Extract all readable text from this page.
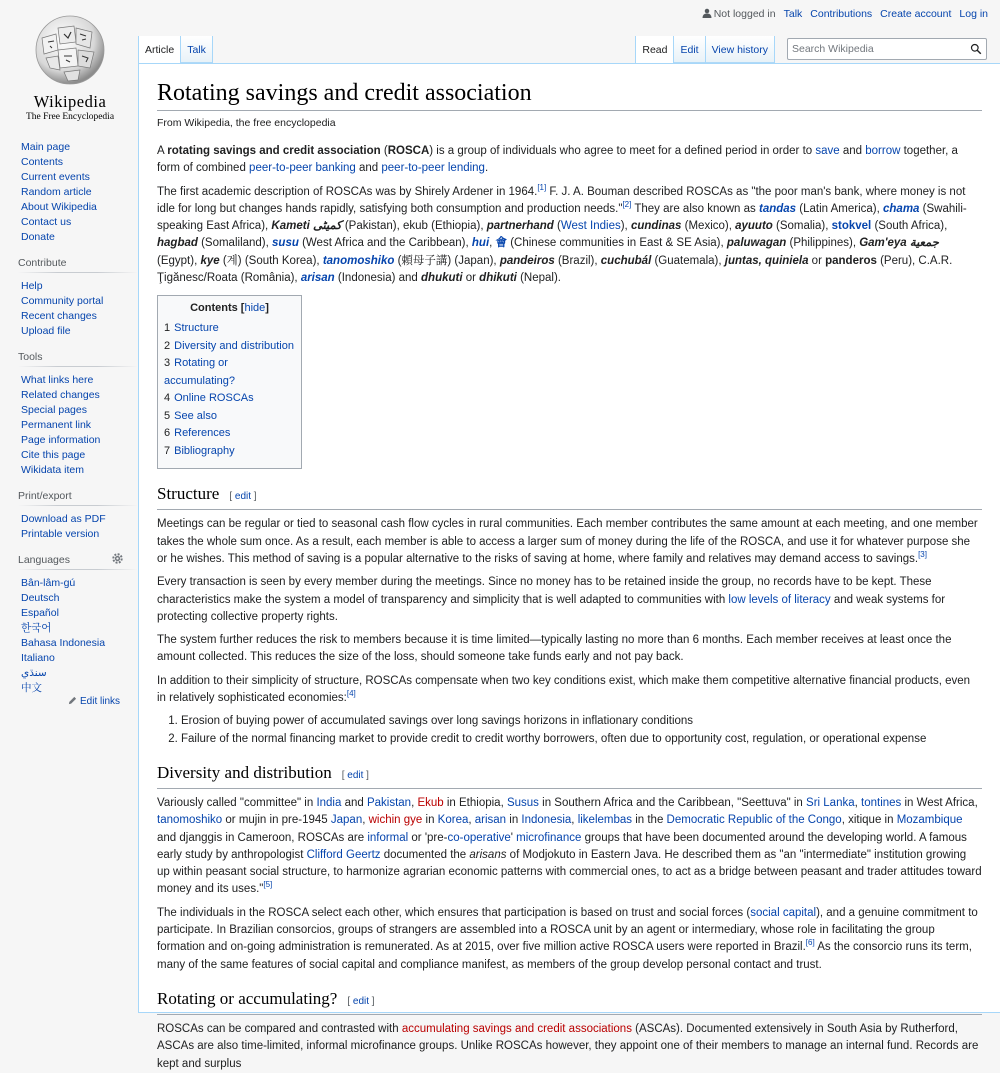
Not logged in Talk Contributions Create account Log in
Wikipedia
The Free Encyclopedia
Main page
Contents
Current events
Random article
About Wikipedia
Contact us
Donate
Contribute
Help
Community portal
Recent changes
Upload file
Tools
What links here
Related changes
Special pages
Permanent link
Page information
Cite this page
Wikidata item
Print/export
Download as PDF
Printable version
Languages
Bân-lâm-gú
Deutsch
Español
한국어
Bahasa Indonesia
Italiano
سنڌي
中文
Edit links
Article	Talk	Read	Edit	View history	Search Wikipedia
Rotating savings and credit association
From Wikipedia, the free encyclopedia

A rotating savings and credit association (ROSCA) is a group of individuals who agree to meet for a defined period in order to save and borrow together, a form of combined peer-to-peer banking and peer-to-peer lending.

The first academic description of ROSCAs was by Shirely Ardener in 1964.[1] F. J. A. Bouman described ROSCAs as "the poor man's bank, where money is not idle for long but changes hands rapidly, satisfying both consumption and production needs."[2] They are also known as tandas (Latin America), chama (Swahili-speaking East Africa), Kameti کمیٹی (Pakistan), ekub (Ethiopia), partnerhand (West Indies), cundinas (Mexico), ayuuto (Somalia), stokvel (South Africa), hagbad (Somaliland), susu (West Africa and the Caribbean), hui, 會 (Chinese communities in East & SE Asia), paluwagan (Philippines), Gam'eya جمعية (Egypt), kye (계) (South Korea), tanomoshiko (頼母子講) (Japan), pandeiros (Brazil), cuchubál (Guatemala), juntas, quiniela or panderos (Peru), C.A.R. Ţigănesc/Roata (România), arisan (Indonesia) and dhukuti or dhikuti (Nepal).

Contents [hide]
1 Structure
2 Diversity and distribution
3 Rotating or accumulating?
4 Online ROSCAs
5 See also
6 References
7 Bibliography
Structure [ edit ]

Meetings can be regular or tied to seasonal cash flow cycles in rural communities. Each member contributes the same amount at each meeting, and one member takes the whole sum once. As a result, each member is able to access a larger sum of money during the life of the ROSCA, and use it for whatever purpose she or he wishes. This method of saving is a popular alternative to the risks of saving at home, where family and relatives may demand access to savings.[3]

Every transaction is seen by every member during the meetings. Since no money has to be retained inside the group, no records have to be kept. These characteristics make the system a model of transparency and simplicity that is well adapted to communities with low levels of literacy and weak systems for protecting collective property rights.

The system further reduces the risk to members because it is time limited—typically lasting no more than 6 months. Each member receives at least once the amount collected. This reduces the size of the loss, should someone take funds early and not pay back.

In addition to their simplicity of structure, ROSCAs compensate when two key conditions exist, which make them competitive alternative financial products, even in relatively sophisticated economies:[4]

1. Erosion of buying power of accumulated savings over long savings horizons in inflationary conditions
2. Failure of the normal financing market to provide credit to credit worthy borrowers, often due to opportunity cost, regulation, or operational expense
Diversity and distribution [ edit ]

Variously called "committee" in India and Pakistan, Ekub in Ethiopia, Susus in Southern Africa and the Caribbean, "Seettuva" in Sri Lanka, tontines in West Africa, tanomoshiko or mujin in pre-1945 Japan, wichin gye in Korea, arisan in Indonesia, likelembas in the Democratic Republic of the Congo, xitique in Mozambique and djanggis in Cameroon, ROSCAs are informal or 'pre-co-operative' microfinance groups that have been documented around the developing world. A famous early study by anthropologist Clifford Geertz documented the arisans of Modjokuto in Eastern Java. He described them as "an "intermediate" institution growing up within peasant social structure, to harmonize agrarian economic patterns with commercial ones, to act as a bridge between peasant and trader attitudes toward money and its uses."[5]

The individuals in the ROSCA select each other, which ensures that participation is based on trust and social forces (social capital), and a genuine commitment to participate. In Brazilian consorcios, groups of strangers are assembled into a ROSCA unit by an agent or intermediary, whose role in facilitating the group formation and on-going administration is remunerated. As at 2015, over five million active ROSCA users were reported in Brazil.[6] As the consorcio runs its term, many of the same features of social capital and compliance manifest, as members of the group develop personal contact and trust.

Rotating or accumulating? [ edit ]

ROSCAs can be compared and contrasted with accumulating savings and credit associations (ASCAs). Documented extensively in South Asia by Rutherford, ASCAs are also time-limited, informal microfinance groups. Unlike ROSCAs however, they appoint one of their members to manage an internal fund. Records are kept and surplus
